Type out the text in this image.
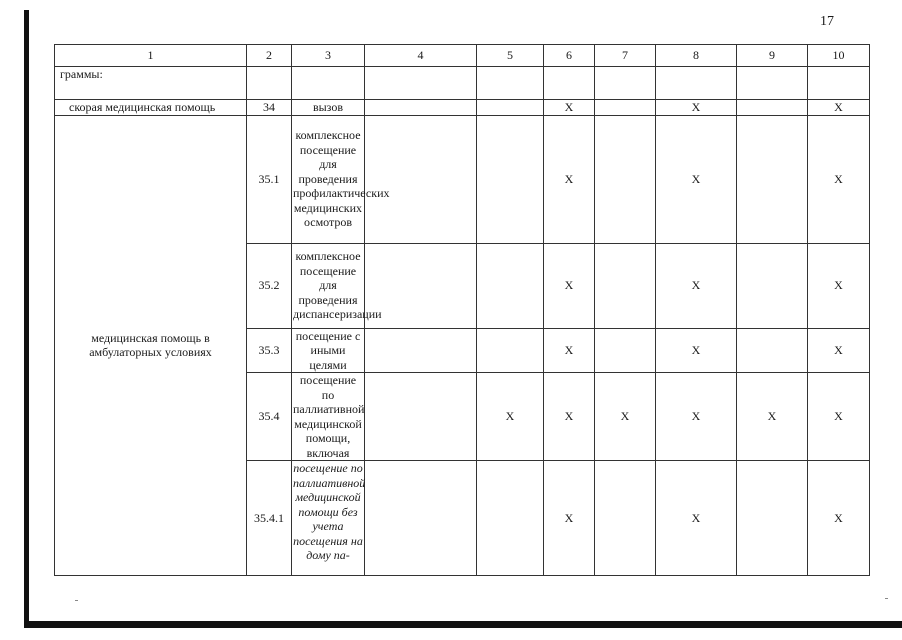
17
1	2	3	4	5	6	7	8	9	10
граммы:									
скорая медицинская помощь	34	вызов			X		X		X
медицинская помощь в амбулаторных условиях	35.1	комплексное посещение для проведения профилактических медицинских осмотров			X		X		X
	35.2	комплексное посещение для проведения диспансеризации			X		X		X
	35.3	посещение с иными целями			X		X		X
	35.4	посещение по паллиативной медицинской помощи, включая		X	X	X	X	X	X
	35.4.1	посещение по паллиативной медицинской помощи без учета посещения на дому па-			X		X		X
